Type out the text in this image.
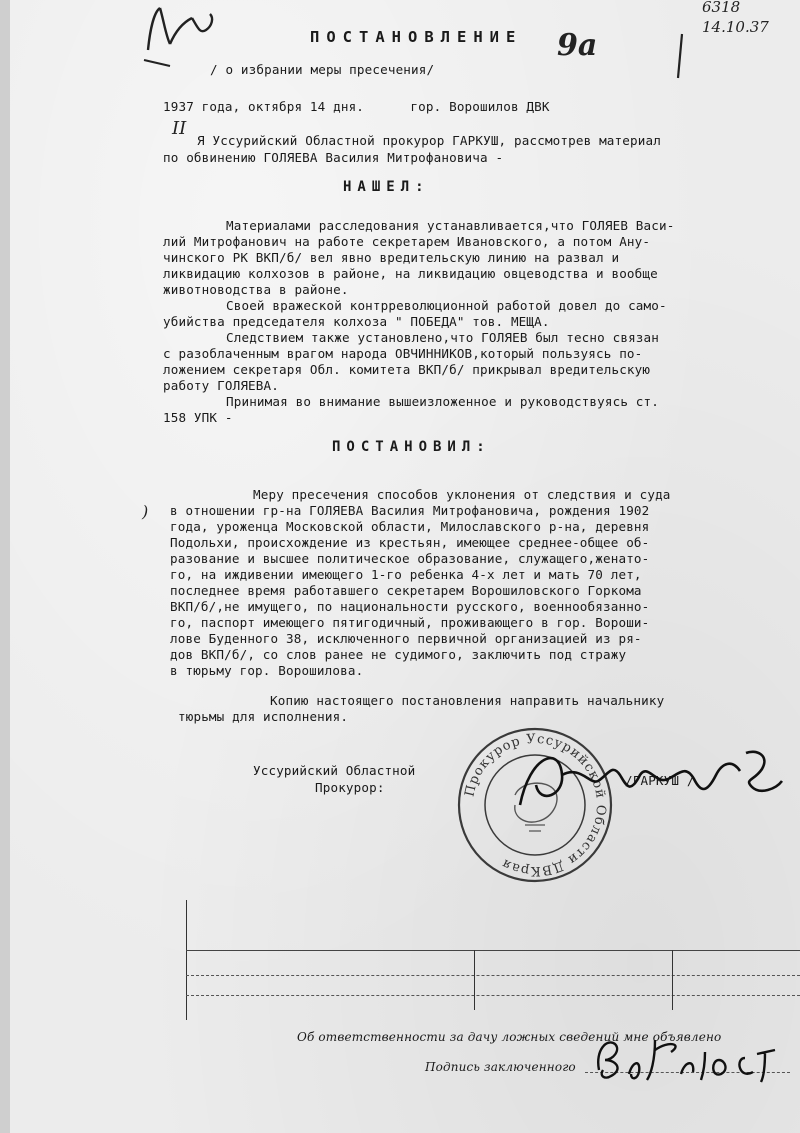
9а
6318
14.10.37
II
)
ПОСТАНОВЛЕНИЕ
/ о избрании меры пресечения/
1937 года, октября 14 дня.      гор. Ворошилов ДВК
Я Уссурийский Областной прокурор ГАРКУШ, рассмотрев материал
по обвинению ГОЛЯЕВА Василия Митрофановича -
НАШЕЛ:
Материалами расследования устанавливается,что ГОЛЯЕВ Васи-
лий Митрофанович на работе секретарем Ивановского, а потом Ану-
чинского РК ВКП/б/ вел явно вредительскую линию на развал и
ликвидацию колхозов в районе, на ликвидацию овцеводства и вообще
животноводства в районе.
Своей вражеской контрреволюционной работой довел до само-
убийства председателя колхоза " ПОБЕДА" тов. МЕЩА.
Следствием также установлено,что ГОЛЯЕВ был тесно связан
с разоблаченным врагом народа ОВЧИННИКОВ,который пользуясь по-
ложением секретаря Обл. комитета ВКП/б/ прикрывал вредительскую
работу ГОЛЯЕВА.
Принимая во внимание вышеизложенное и руководствуясь ст.
158 УПК -
ПОСТАНОВИЛ:
Меру пресечения способов уклонения от следствия и суда
в отношении гр-на ГОЛЯЕВА Василия Митрофановича, рождения 1902
года, уроженца Московской области, Милославского р-на, деревня
Подольхи, происхождение из крестьян, имеющее среднее-общее об-
разование и высшее политическое образование, служащего,женато-
го, на иждивении имеющего 1-го ребенка 4-х лет и мать 70 лет,
последнее время работавшего секретарем Ворошиловского Горкома
ВКП/б/,не имущего, по национальности русского, военнообязанно-
го, паспорт имеющего пятигодичный, проживающего в гор. Вороши-
лове Буденного 38, исключенного первичной организацией из ря-
дов ВКП/б/, со слов ранее не судимого, заключить под стражу
в тюрьму гор. Ворошилова.
Копию настоящего постановления направить начальнику
тюрьмы для исполнения.
Уссурийский Областной
Прокурор:	/ГАРКУШ /
Прокурор Уссурийской Области ДВКрая
Об ответственности за дачу ложных сведений мне объявлено
Подпись заключенного
